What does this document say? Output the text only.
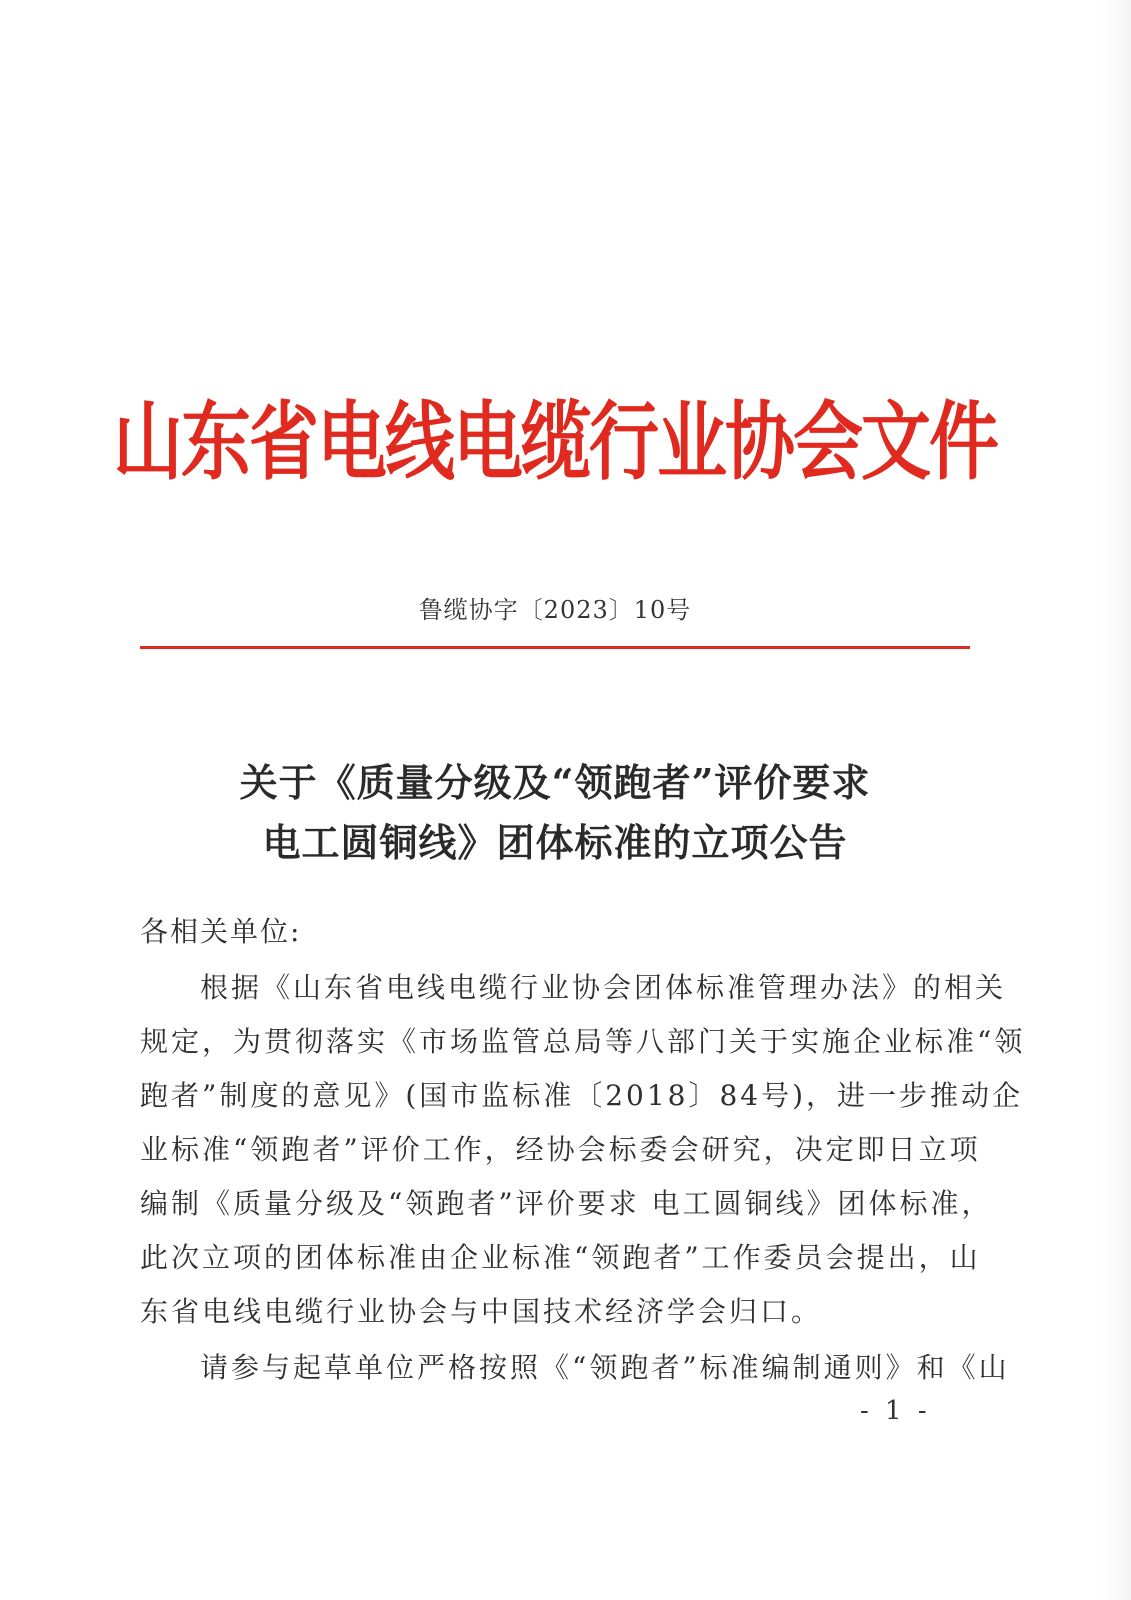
山东省电线电缆行业协会文件
鲁缆协字〔2023〕10号
关于《质量分级及“领跑者”评价要求
电工圆铜线》团体标准的立项公告
各相关单位:
根据《山东省电线电缆行业协会团体标准管理办法》的相关
规定，为贯彻落实《市场监管总局等八部门关于实施企业标准“领
跑者”制度的意见》(国市监标准〔2018〕84号)，进一步推动企
业标准“领跑者”评价工作，经协会标委会研究，决定即日立项
编制《质量分级及“领跑者”评价要求 电工圆铜线》团体标准，
此次立项的团体标准由企业标准“领跑者”工作委员会提出，山
东省电线电缆行业协会与中国技术经济学会归口。
请参与起草单位严格按照《“领跑者”标准编制通则》和《山
- 1 -
